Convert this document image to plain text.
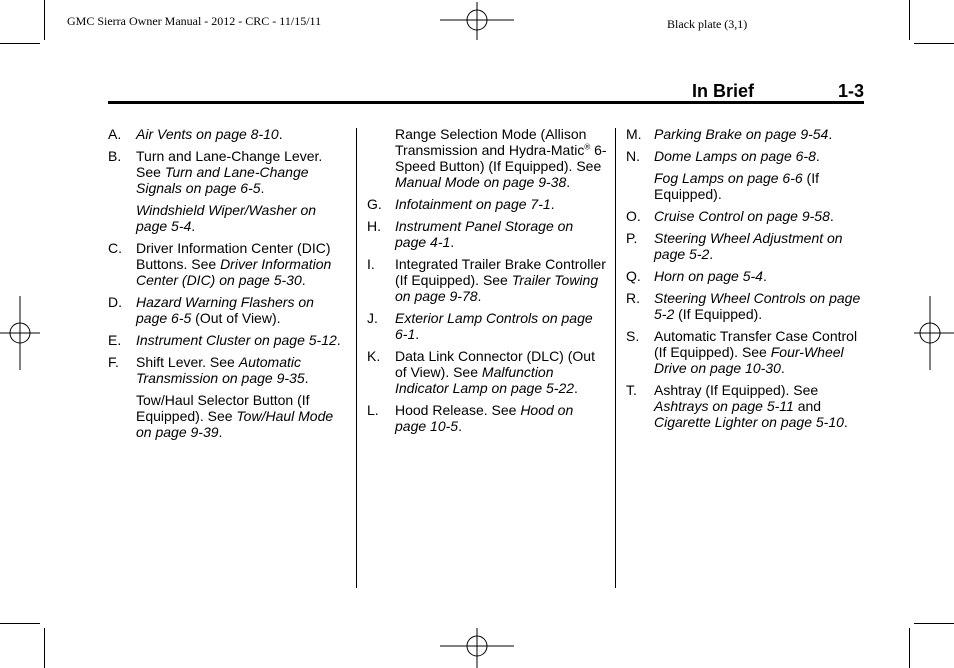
GMC Sierra Owner Manual - 2012 - CRC - 11/15/11	Black plate (3,1)
In Brief	1-3
A. Air Vents on page 8-10.
B. Turn and Lane-Change Lever. See Turn and Lane-Change Signals on page 6-5.
Windshield Wiper/Washer on page 5-4.
C. Driver Information Center (DIC) Buttons. See Driver Information Center (DIC) on page 5-30.
D. Hazard Warning Flashers on page 6-5 (Out of View).
E. Instrument Cluster on page 5-12.
F. Shift Lever. See Automatic Transmission on page 9-35.
Tow/Haul Selector Button (If Equipped). See Tow/Haul Mode on page 9-39.
Range Selection Mode (Allison Transmission and Hydra-Matic® 6-Speed Button) (If Equipped). See Manual Mode on page 9-38.
G. Infotainment on page 7-1.
H. Instrument Panel Storage on page 4-1.
I. Integrated Trailer Brake Controller (If Equipped). See Trailer Towing on page 9-78.
J. Exterior Lamp Controls on page 6-1.
K. Data Link Connector (DLC) (Out of View). See Malfunction Indicator Lamp on page 5-22.
L. Hood Release. See Hood on page 10-5.
M. Parking Brake on page 9-54.
N. Dome Lamps on page 6-8.
Fog Lamps on page 6-6 (If Equipped).
O. Cruise Control on page 9-58.
P. Steering Wheel Adjustment on page 5-2.
Q. Horn on page 5-4.
R. Steering Wheel Controls on page 5-2 (If Equipped).
S. Automatic Transfer Case Control (If Equipped). See Four-Wheel Drive on page 10-30.
T. Ashtray (If Equipped). See Ashtrays on page 5-11 and Cigarette Lighter on page 5-10.
